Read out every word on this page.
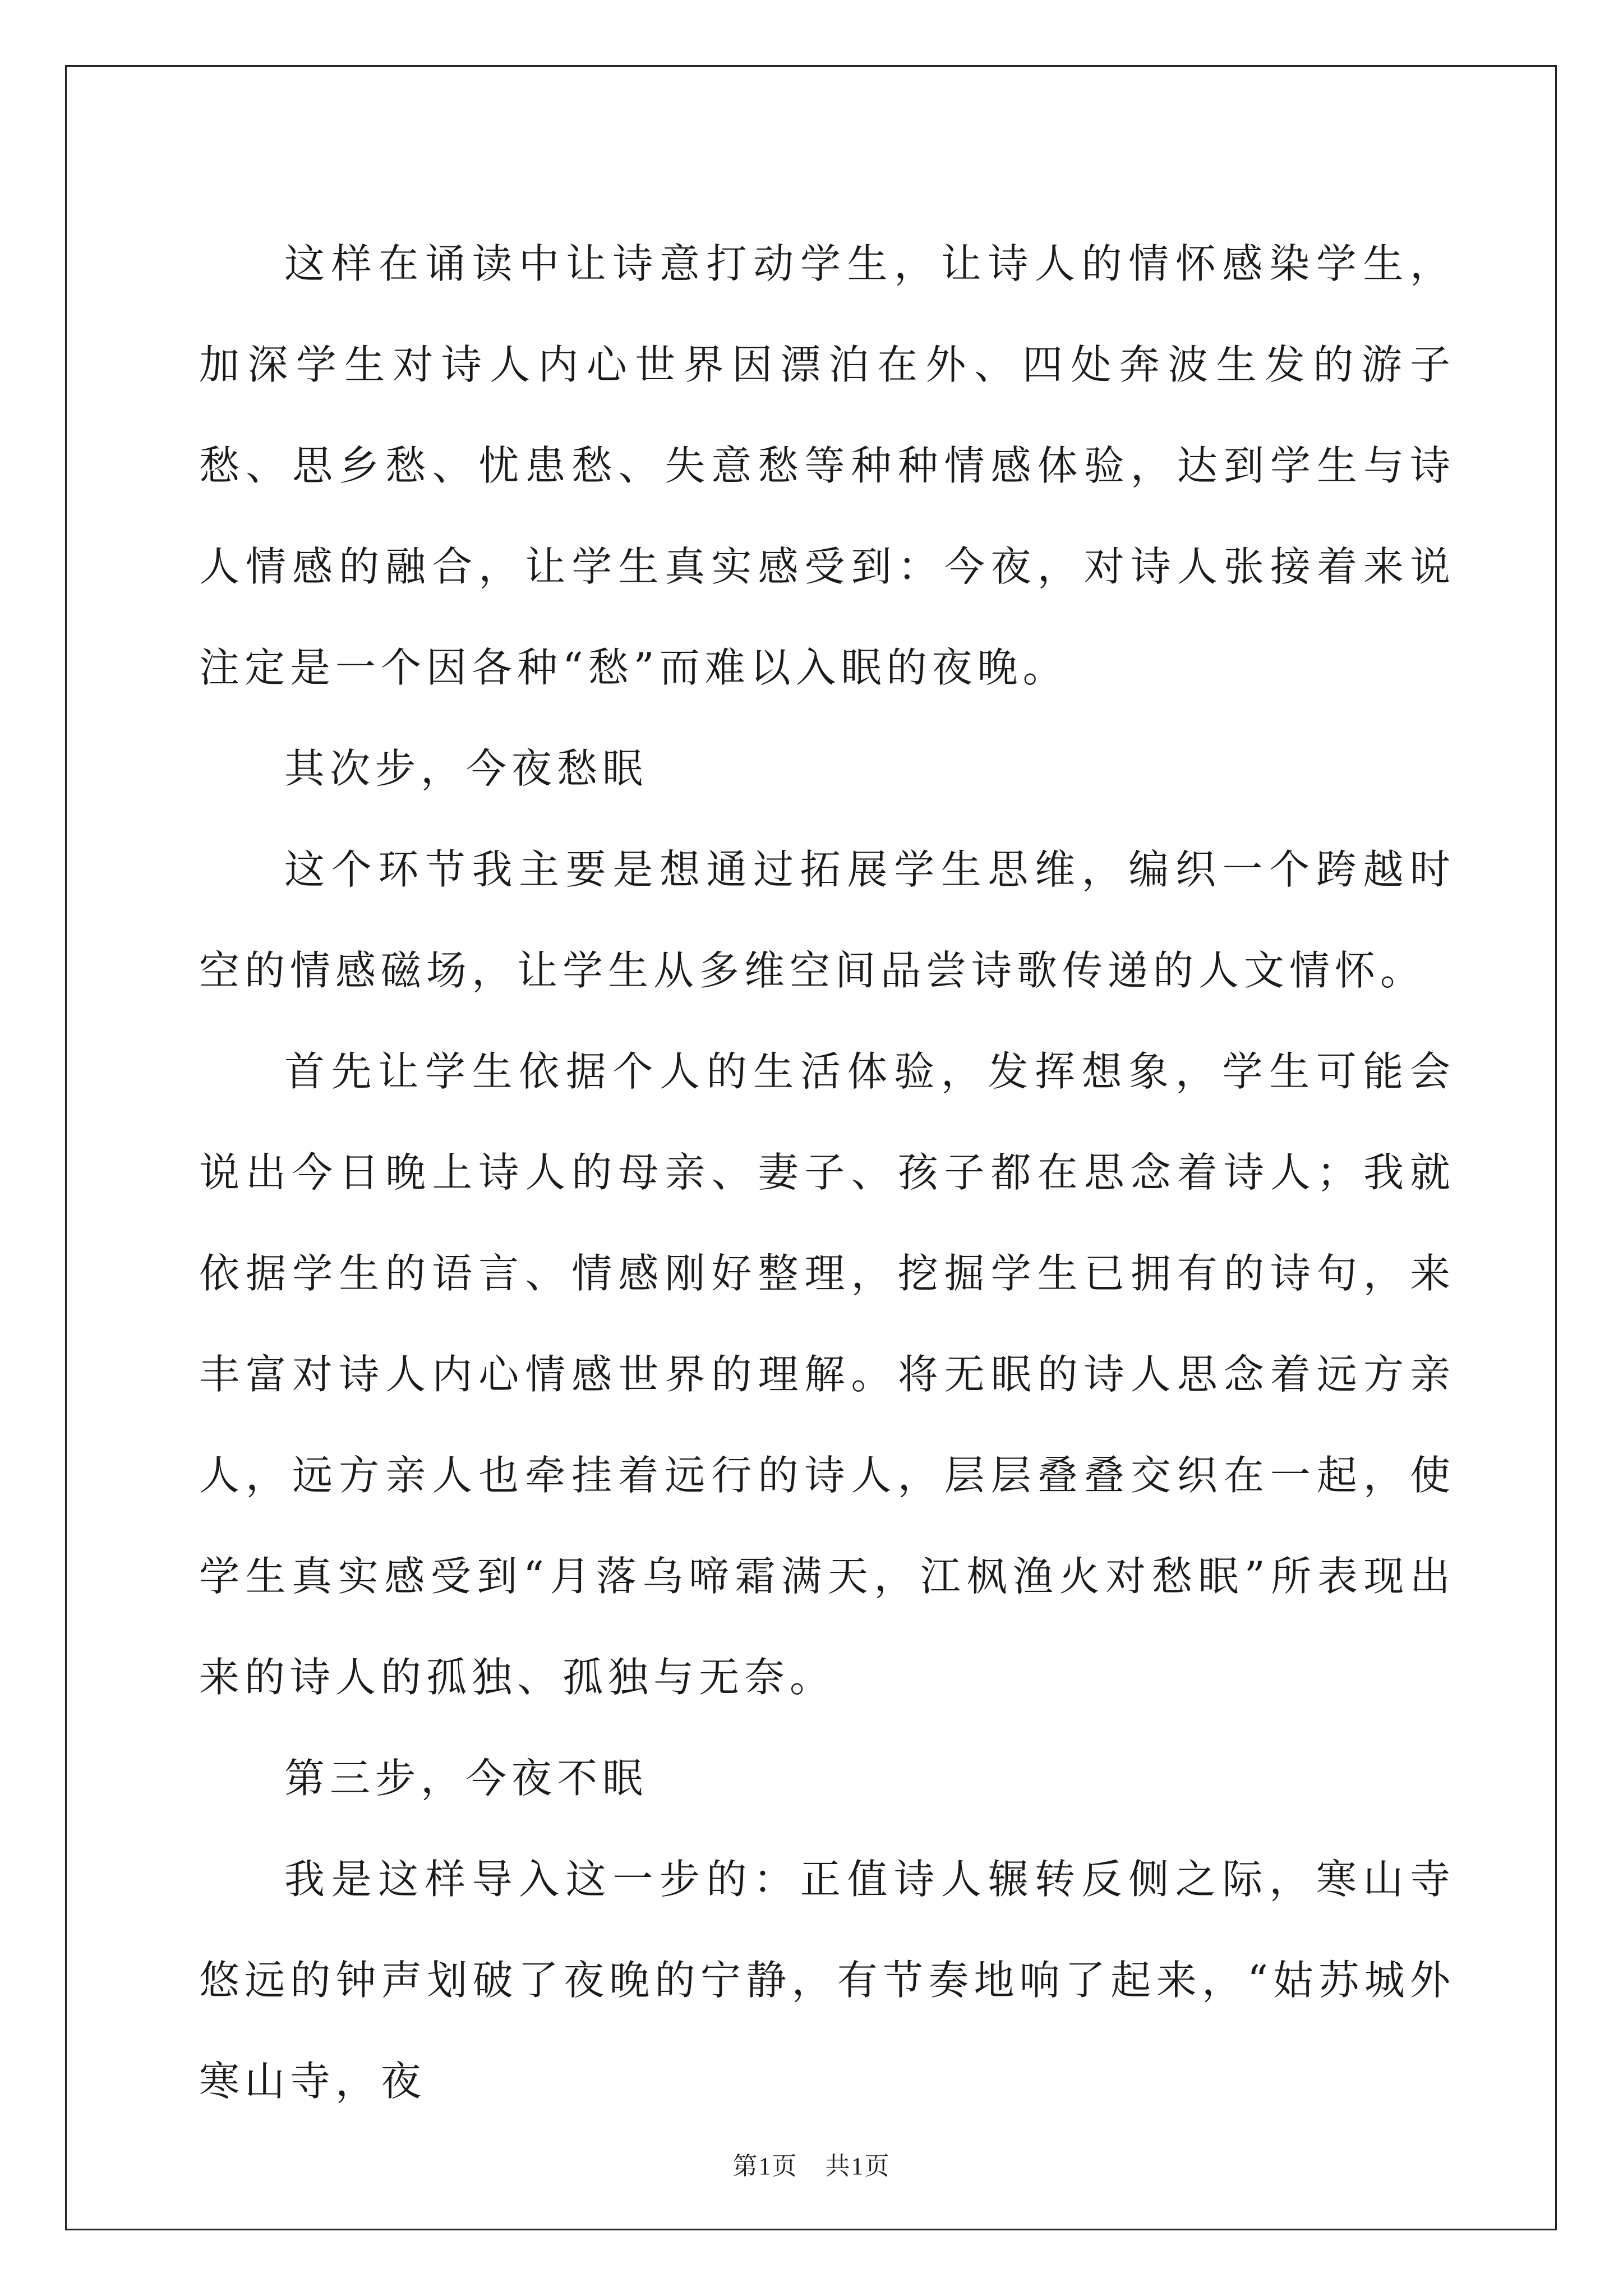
这样在诵读中让诗意打动学生，让诗人的情怀感染学生，加深学生对诗人内心世界因漂泊在外、四处奔波生发的游子愁、思乡愁、忧患愁、失意愁等种种情感体验，达到学生与诗人情感的融合，让学生真实感受到：今夜，对诗人张接着来说注定是一个因各种“愁”而难以入眠的夜晚。

其次步，今夜愁眠

这个环节我主要是想通过拓展学生思维，编织一个跨越时空的情感磁场，让学生从多维空间品尝诗歌传递的人文情怀。

首先让学生依据个人的生活体验，发挥想象，学生可能会说出今日晚上诗人的母亲、妻子、孩子都在思念着诗人；我就依据学生的语言、情感刚好整理，挖掘学生已拥有的诗句，来丰富对诗人内心情感世界的理解。将无眠的诗人思念着远方亲人，远方亲人也牵挂着远行的诗人，层层叠叠交织在一起，使学生真实感受到“月落乌啼霜满天，江枫渔火对愁眠”所表现出来的诗人的孤独、孤独与无奈。

第三步，今夜不眠

我是这样导入这一步的：正值诗人辗转反侧之际，寒山寺悠远的钟声划破了夜晚的宁静，有节奏地响了起来，“姑苏城外寒山寺，夜

第1页 共1页
